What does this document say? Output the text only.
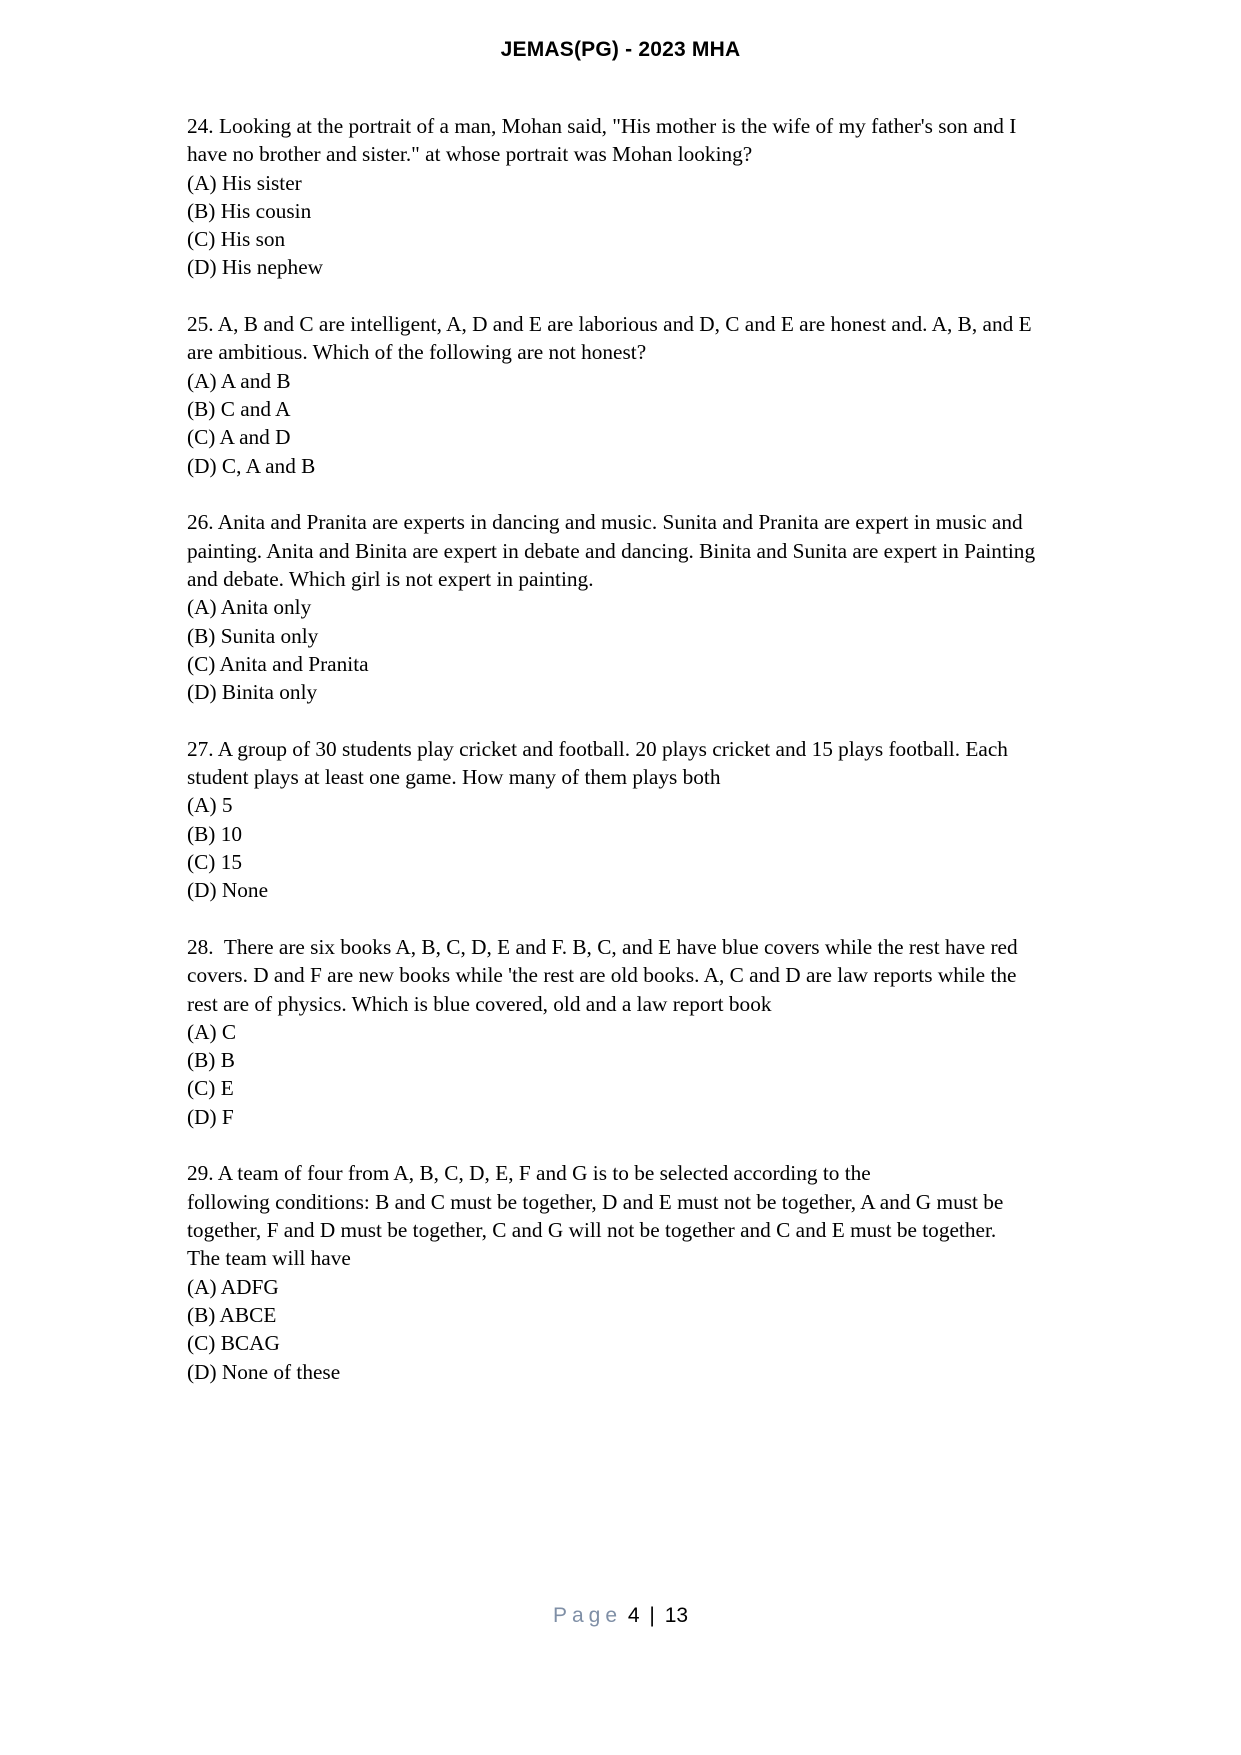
JEMAS(PG) - 2023 MHA
24. Looking at the portrait of a man, Mohan said, "His mother is the wife of my father's son and I
have no brother and sister." at whose portrait was Mohan looking?
(A) His sister
(B) His cousin
(C) His son
(D) His nephew
25. A, B and C are intelligent, A, D and E are laborious and D, C and E are honest and. A, B, and E
are ambitious. Which of the following are not honest?
(A) A and B
(B) C and A
(C) A and D
(D) C, A and B
26. Anita and Pranita are experts in dancing and music. Sunita and Pranita are expert in music and
painting. Anita and Binita are expert in debate and dancing. Binita and Sunita are expert in Painting
and debate. Which girl is not expert in painting.
(A) Anita only
(B) Sunita only
(C) Anita and Pranita
(D) Binita only
27. A group of 30 students play cricket and football. 20 plays cricket and 15 plays football. Each
student plays at least one game. How many of them plays both
(A) 5
(B) 10
(C) 15
(D) None
28.  There are six books A, B, C, D, E and F. B, C, and E have blue covers while the rest have red
covers. D and F are new books while 'the rest are old books. A, C and D are law reports while the
rest are of physics. Which is blue covered, old and a law report book
(A) C
(B) B
(C) E
(D) F
29. A team of four from A, B, C, D, E, F and G is to be selected according to the
following conditions: B and C must be together, D and E must not be together, A and G must be
together, F and D must be together, C and G will not be together and C and E must be together.
The team will have
(A) ADFG
(B) ABCE
(C) BCAG
(D) None of these
Page 4 | 13
